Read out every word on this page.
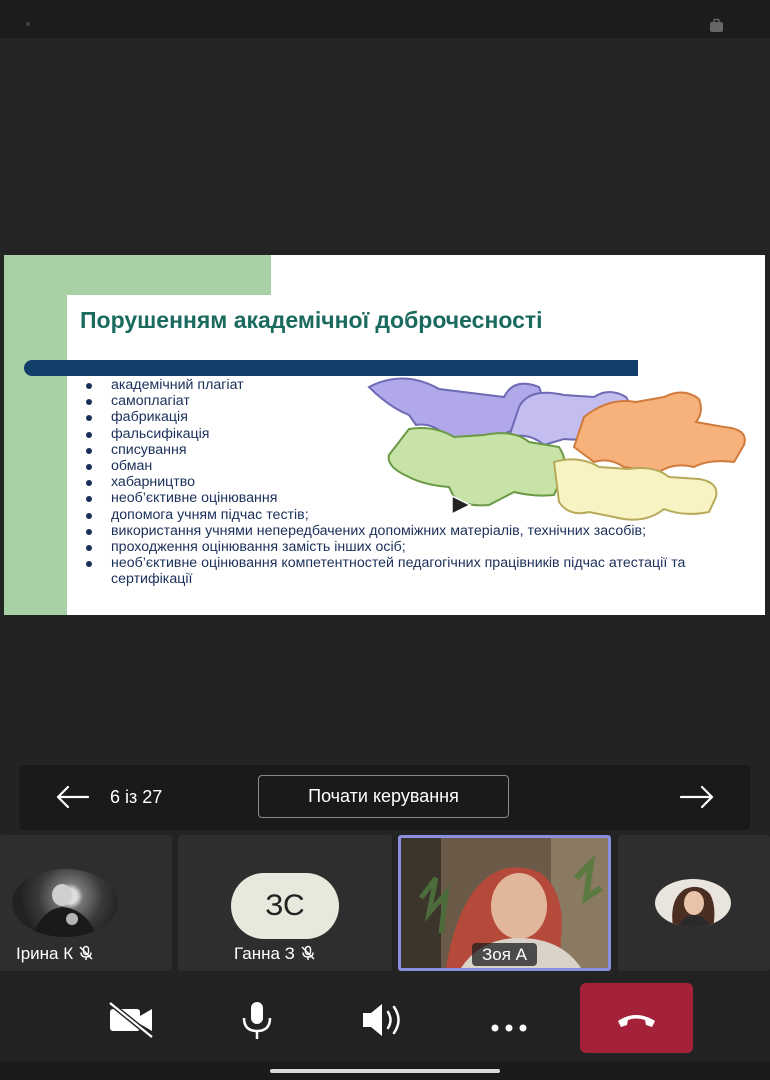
Порушенням академічної доброчесності
академічний плагіат
самоплагіат
фабрикація
фальсифікація
списування
обман
хабарництво
необ’єктивне оцінювання
допомога учням підчас тестів;
використання учнями непередбачених допоміжних матеріалів, технічних засобів;
проходження оцінювання замість інших осіб;
необ’єктивне оцінювання компетентностей педагогічних працівників підчас атестації та сертифікації
6 із 27	Почати керування
Ірина К
ЗС
Ганна З	Зоя А
